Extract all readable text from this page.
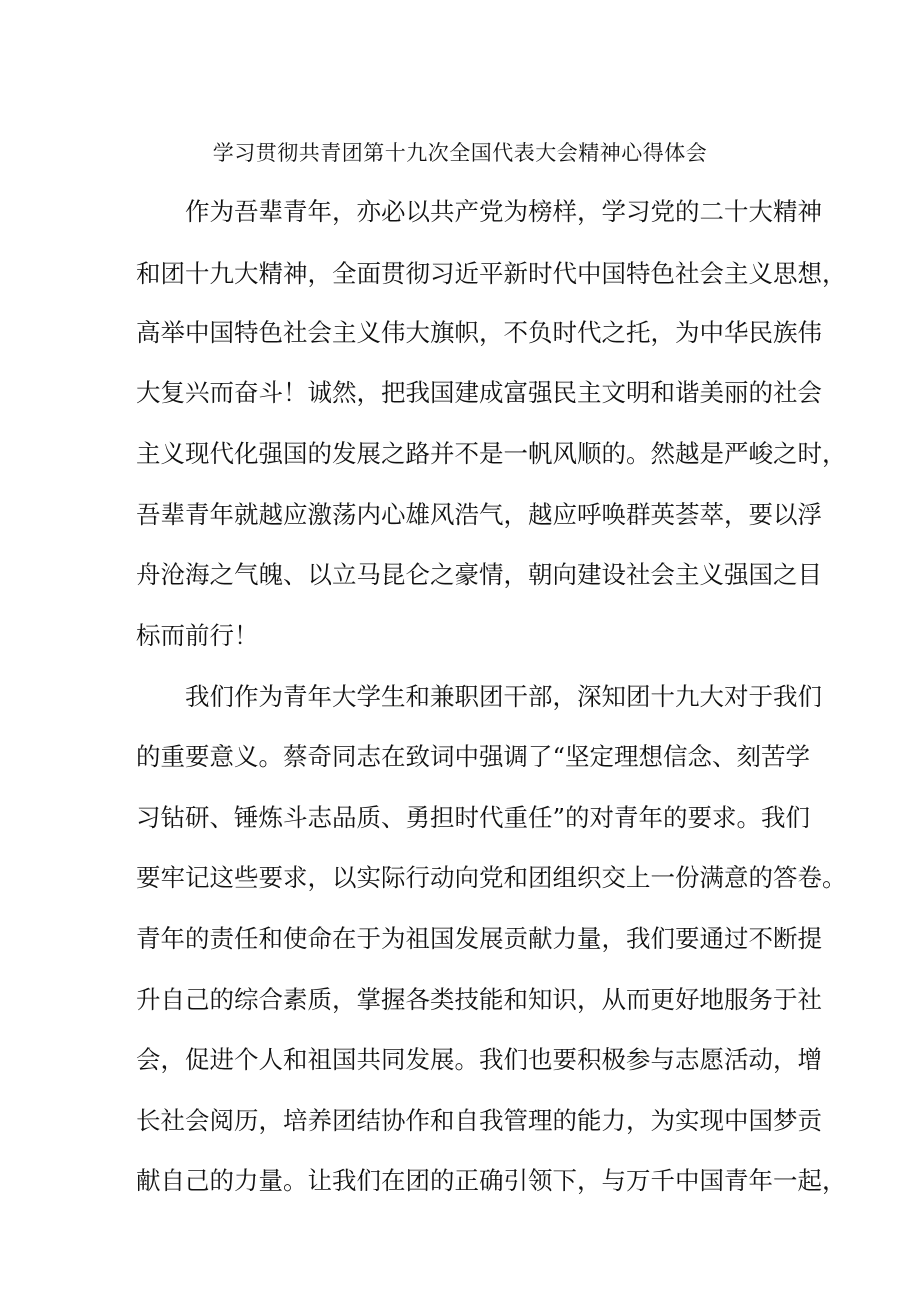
学习贯彻共青团第十九次全国代表大会精神心得体会
　　作为吾辈青年，亦必以共产党为榜样，学习党的二十大精神
和团十九大精神，全面贯彻习近平新时代中国特色社会主义思想，
高举中国特色社会主义伟大旗帜，不负时代之托，为中华民族伟
大复兴而奋斗！诚然，把我国建成富强民主文明和谐美丽的社会
主义现代化强国的发展之路并不是一帆风顺的。然越是严峻之时，
吾辈青年就越应激荡内心雄风浩气，越应呼唤群英荟萃，要以浮
舟沧海之气魄、以立马昆仑之豪情，朝向建设社会主义强国之目
标而前行！
　　我们作为青年大学生和兼职团干部，深知团十九大对于我们
的重要意义。蔡奇同志在致词中强调了“坚定理想信念、刻苦学
习钻研、锤炼斗志品质、勇担时代重任”的对青年的要求。我们
要牢记这些要求，以实际行动向党和团组织交上一份满意的答卷。
青年的责任和使命在于为祖国发展贡献力量，我们要通过不断提
升自己的综合素质，掌握各类技能和知识，从而更好地服务于社
会，促进个人和祖国共同发展。我们也要积极参与志愿活动，增
长社会阅历，培养团结协作和自我管理的能力，为实现中国梦贡
献自己的力量。让我们在团的正确引领下，与万千中国青年一起，
